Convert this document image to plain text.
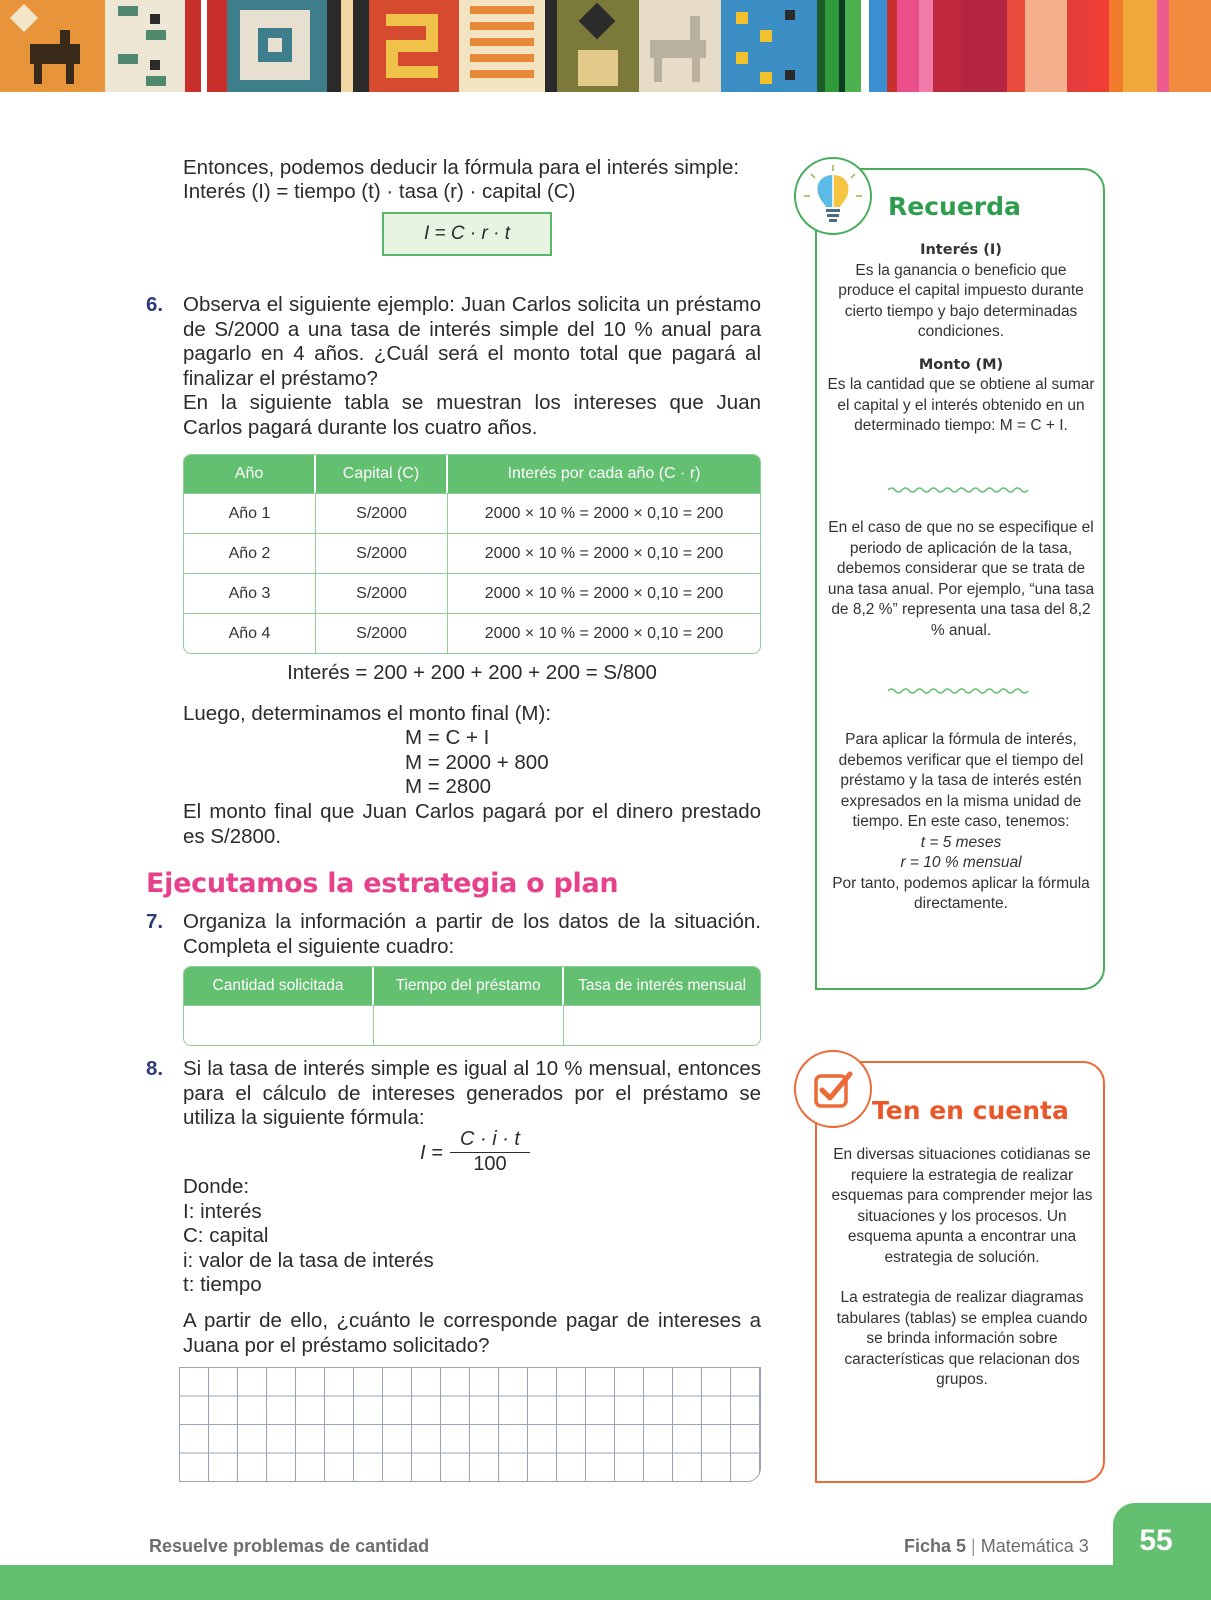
Entonces, podemos deducir la fórmula para el interés simple:
Interés (I) = tiempo (t) · tasa (r) · capital (C)
I = C · r · t
6. Observa el siguiente ejemplo: Juan Carlos solicita un préstamo de S/2000 a una tasa de interés simple del 10 % anual para pagarlo en 4 años. ¿Cuál será el monto total que pagará al finalizar el préstamo?
En la siguiente tabla se muestran los intereses que Juan Carlos pagará durante los cuatro años.
Año	Capital (C)	Interés por cada año (C · r)
Año 1	S/2000	2000 × 10 % = 2000 × 0,10 = 200
Año 2	S/2000	2000 × 10 % = 2000 × 0,10 = 200
Año 3	S/2000	2000 × 10 % = 2000 × 0,10 = 200
Año 4	S/2000	2000 × 10 % = 2000 × 0,10 = 200
Interés = 200 + 200 + 200 + 200 = S/800
Luego, determinamos el monto final (M):
M = C + I
M = 2000 + 800
M = 2800
El monto final que Juan Carlos pagará por el dinero prestado es S/2800.
Ejecutamos la estrategia o plan
7. Organiza la información a partir de los datos de la situación. Completa el siguiente cuadro:
Cantidad solicitada	Tiempo del préstamo	Tasa de interés mensual

8. Si la tasa de interés simple es igual al 10 % mensual, entonces para el cálculo de intereses generados por el préstamo se utiliza la siguiente fórmula:
$I = \frac{C \cdot i \cdot t}{100}$
Donde:
I: interés
C: capital
i: valor de la tasa de interés
t: tiempo
A partir de ello, ¿cuánto le corresponde pagar de intereses a Juana por el préstamo solicitado?
Recuerda
Interés (I)
Es la ganancia o beneficio que produce el capital impuesto durante cierto tiempo y bajo determinadas condiciones.
Monto (M)
Es la cantidad que se obtiene al sumar el capital y el interés obtenido en un determinado tiempo: M = C + I.
En el caso de que no se especifique el periodo de aplicación de la tasa, debemos considerar que se trata de una tasa anual. Por ejemplo, “una tasa de 8,2 %” representa una tasa del 8,2 % anual.
Para aplicar la fórmula de interés, debemos verificar que el tiempo del préstamo y la tasa de interés estén expresados en la misma unidad de tiempo. En este caso, tenemos:
t = 5 meses
r = 10 % mensual
Por tanto, podemos aplicar la fórmula directamente.
Ten en cuenta
En diversas situaciones cotidianas se requiere la estrategia de realizar esquemas para comprender mejor las situaciones y los procesos. Un esquema apunta a encontrar una estrategia de solución.
La estrategia de realizar diagramas tabulares (tablas) se emplea cuando se brinda información sobre características que relacionan dos grupos.
55
Resuelve problemas de cantidad	Ficha 5 | Matemática 3
